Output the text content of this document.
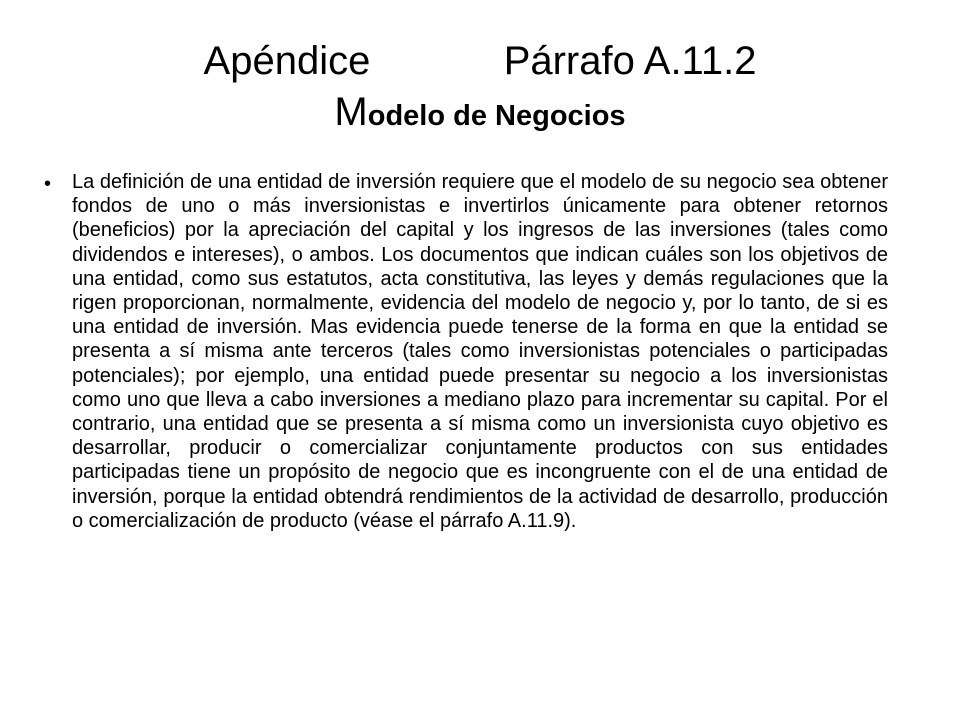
Apéndice	Párrafo A.11.2

Modelo de Negocios

• La definición de una entidad de inversión requiere que el modelo de su negocio sea obtener fondos de uno o más inversionistas e invertirlos únicamente para obtener retornos (beneficios) por la apreciación del capital y los ingresos de las inversiones (tales como dividendos e intereses), o ambos. Los documentos que indican cuáles son los objetivos de una entidad, como sus estatutos, acta constitutiva, las leyes y demás regulaciones que la rigen proporcionan, normalmente, evidencia del modelo de negocio y, por lo tanto, de si es una entidad de inversión. Mas evidencia puede tenerse de la forma en que la entidad se presenta a sí misma ante terceros (tales como inversionistas potenciales o participadas potenciales); por ejemplo, una entidad puede presentar su negocio a los inversionistas como uno que lleva a cabo inversiones a mediano plazo para incrementar su capital. Por el contrario, una entidad que se presenta a sí misma como un inversionista cuyo objetivo es desarrollar, producir o comercializar conjuntamente productos con sus entidades participadas tiene un propósito de negocio que es incongruente con el de una entidad de inversión, porque la entidad obtendrá rendimientos de la actividad de desarrollo, producción o comercialización de producto (véase el párrafo A.11.9).
